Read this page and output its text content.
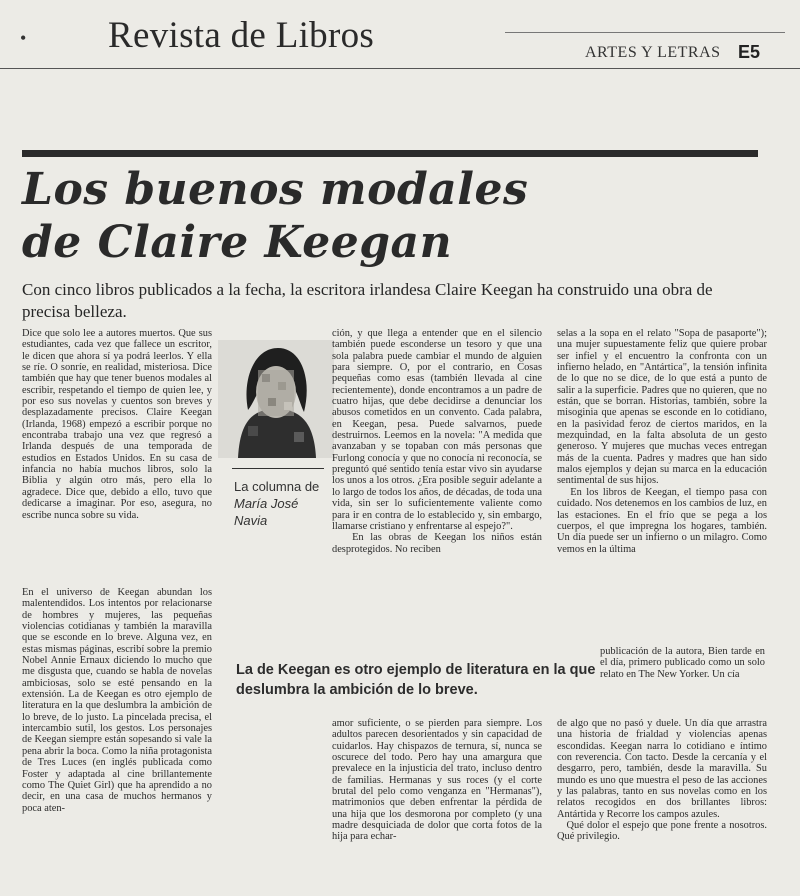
• Revista de Libros	ARTES Y LETRAS E5
Los buenos modales
de Claire Keegan
Con cinco libros publicados a la fecha, la escritora irlandesa Claire Keegan ha construido una obra de precisa belleza.
Dice que solo lee a autores muertos. Que sus estudiantes, cada vez que fallece un escritor, le dicen que ahora sí ya podrá leerlos. Y ella se ríe. O sonríe, en realidad, misteriosa. Dice también que hay que tener buenos modales al escribir, respetando el tiempo de quien lee, y por eso sus novelas y cuentos son breves y desplazadamente precisos. Claire Keegan (Irlanda, 1968) empezó a escribir porque no encontraba trabajo una vez que regresó a Irlanda después de una temporada de estudios en Estados Unidos. En su casa de infancia no había muchos libros, solo la Biblia y algún otro más, pero ella lo agradece. Dice que, debido a ello, tuvo que dedicarse a imaginar. Por eso, asegura, no escribe nunca sobre su vida.
En el universo de Keegan abundan los malentendidos. Los intentos por relacionarse de hombres y mujeres, las pequeñas violencias cotidianas y también la maravilla que se esconde en lo breve. Alguna vez, en estas mismas páginas, escribí sobre la premio Nobel Annie Ernaux diciendo lo mucho que me disgusta que, cuando se habla de novelas ambiciosas, solo se esté pensando en la extensión. La de Keegan es otro ejemplo de literatura en la que deslumbra la ambición de lo breve, de lo justo. La pincelada precisa, el intercambio sutil, los gestos. Los personajes de Keegan siempre están sopesando si vale la pena abrir la boca. Como la niña protagonista de Tres Luces (en inglés publicada como Foster y adaptada al cine brillantemente como The Quiet Girl) que ha aprendido a no decir, en una casa de muchos hermanos y poca aten-
La columna de
María José Navia
ción, y que llega a entender que en el silencio también puede esconderse un tesoro y que una sola palabra puede cambiar el mundo de alguien para siempre. O, por el contrario, en Cosas pequeñas como esas (también llevada al cine recientemente), donde encontramos a un padre de cuatro hijas, que debe decidirse a denunciar los abusos cometidos en un convento. Cada palabra, en Keegan, pesa. Puede salvarnos, puede destruirnos. Leemos en la novela: "A medida que avanzaban y se topaban con más personas que Furlong conocía y que no conocía ni reconocía, se preguntó qué sentido tenía estar vivo sin ayudarse los unos a los otros. ¿Era posible seguir adelante a lo largo de todos los años, de décadas, de toda una vida, sin ser lo suficientemente valiente como para ir en contra de lo establecido y, sin embargo, llamarse cristiano y enfrentarse al espejo?".
En las obras de Keegan los niños están desprotegidos. No reciben
selas a la sopa en el relato "Sopa de pasaporte"); una mujer supuestamente feliz que quiere probar ser infiel y el encuentro la confronta con un infierno helado, en "Antártica", la tensión infinita de lo que no se dice, de lo que está a punto de salir a la superficie. Padres que no quieren, que no están, que se borran. Historias, también, sobre la misoginia que apenas se esconde en lo cotidiano, en la pasividad feroz de ciertos maridos, en la mezquindad, en la falta absoluta de un gesto generoso. Y mujeres que muchas veces entregan más de la cuenta. Padres y madres que han sido malos ejemplos y dejan su marca en la educación sentimental de sus hijos.
En los libros de Keegan, el tiempo pasa con cuidado. Nos detenemos en los cambios de luz, en las estaciones. En el frío que se pega a los cuerpos, el que impregna los hogares, también. Un día puede ser un infierno o un milagro. Como vemos en la última
publicación de la autora, Bien tarde en el día, primero publicado como un solo relato en The New Yorker. Un cía
La de Keegan es otro ejemplo de literatura en la que deslumbra la ambición de lo breve.
amor suficiente, o se pierden para siempre. Los adultos parecen desorientados y sin capacidad de cuidarlos. Hay chispazos de ternura, sí, nunca se oscurece del todo. Pero hay una amargura que prevalece en la injusticia del trato, incluso dentro de familias. Hermanas y sus roces (y el corte brutal del pelo como venganza en "Hermanas"), matrimonios que deben enfrentar la pérdida de una hija que los desmorona por completo (y una madre desquiciada de dolor que corta fotos de la hija para echar-
de algo que no pasó y duele. Un día que arrastra una historia de frialdad y violencias apenas escondidas. Keegan narra lo cotidiano e íntimo con reverencia. Con tacto. Desde la cercanía y el desgarro, pero, también, desde la maravilla. Su mundo es uno que muestra el peso de las acciones y las palabras, tanto en sus novelas como en los relatos recogidos en dos brillantes libros: Antártida y Recorre los campos azules.
Qué dolor el espejo que pone frente a nosotros. Qué privilegio.
